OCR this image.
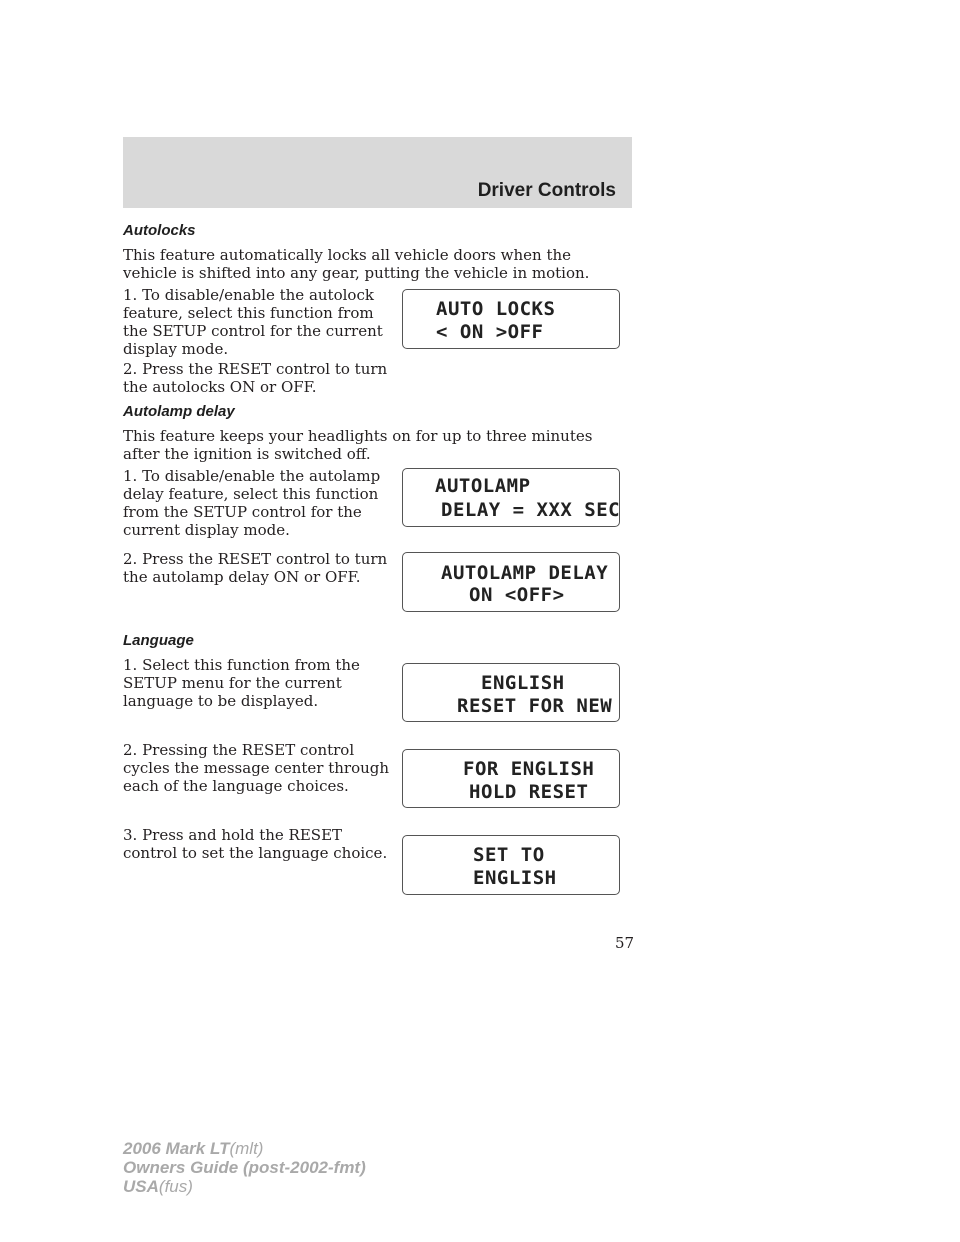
Driver Controls
Autolocks

This feature automatically locks all vehicle doors when the vehicle is shifted into any gear, putting the vehicle in motion.

1. To disable/enable the autolock feature, select this function from the SETUP control for the current display mode.

2. Press the RESET control to turn the autolocks ON or OFF.

AUTO LOCKS
< ON >OFF
Autolamp delay

This feature keeps your headlights on for up to three minutes after the ignition is switched off.

1. To disable/enable the autolamp delay feature, select this function from the SETUP control for the current display mode.

2. Press the RESET control to turn the autolamp delay ON or OFF.

AUTOLAMP
DELAY = XXX SEC
AUTOLAMP DELAY
ON <OFF>
Language

1. Select this function from the SETUP menu for the current language to be displayed.

2. Pressing the RESET control cycles the message center through each of the language choices.

3. Press and hold the RESET control to set the language choice.

ENGLISH
RESET FOR NEW
FOR ENGLISH
HOLD RESET
SET TO
ENGLISH
57
2006 Mark LT(mlt)
Owners Guide (post-2002-fmt)
USA(fus)
